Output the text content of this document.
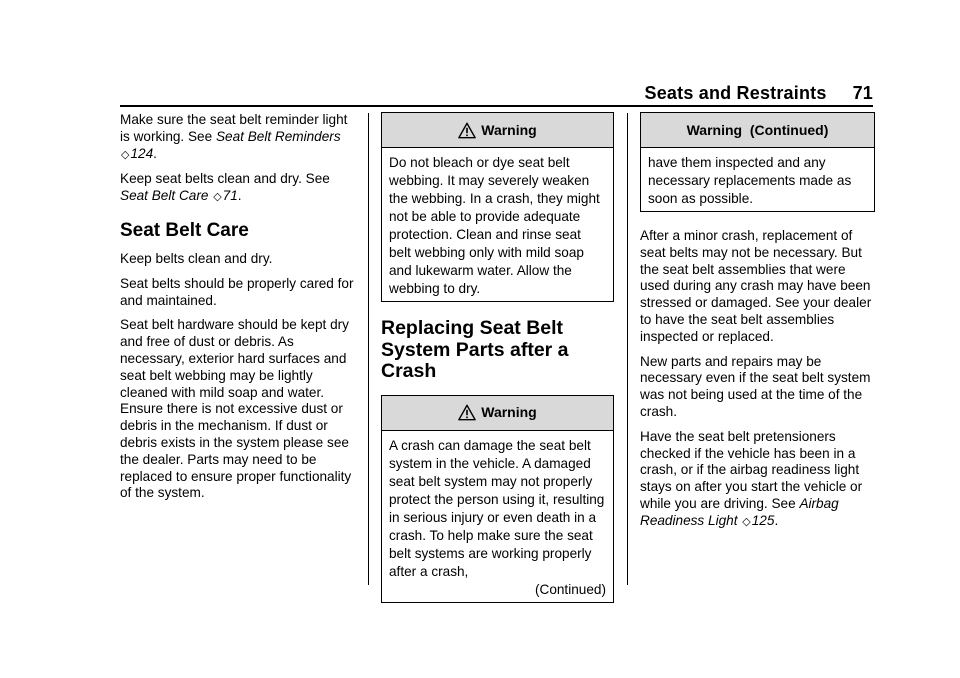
Seats and Restraints 71

Make sure the seat belt reminder light is working. See Seat Belt Reminders ◇124.

Keep seat belts clean and dry. See Seat Belt Care ◇71.

Seat Belt Care

Keep belts clean and dry.

Seat belts should be properly cared for and maintained.

Seat belt hardware should be kept dry and free of dust or debris. As necessary, exterior hard surfaces and seat belt webbing may be lightly cleaned with mild soap and water. Ensure there is not excessive dust or debris in the mechanism. If dust or debris exists in the system please see the dealer. Parts may need to be replaced to ensure proper functionality of the system.

Warning

Do not bleach or dye seat belt webbing. It may severely weaken the webbing. In a crash, they might not be able to provide adequate protection. Clean and rinse seat belt webbing only with mild soap and lukewarm water. Allow the webbing to dry.

Replacing Seat Belt System Parts after a Crash
Warning

A crash can damage the seat belt system in the vehicle. A damaged seat belt system may not properly protect the person using it, resulting in serious injury or even death in a crash. To help make sure the seat belt systems are working properly after a crash,

(Continued)

Warning  (Continued)

have them inspected and any necessary replacements made as soon as possible.

After a minor crash, replacement of seat belts may not be necessary. But the seat belt assemblies that were used during any crash may have been stressed or damaged. See your dealer to have the seat belt assemblies inspected or replaced.

New parts and repairs may be necessary even if the seat belt system was not being used at the time of the crash.

Have the seat belt pretensioners checked if the vehicle has been in a crash, or if the airbag readiness light stays on after you start the vehicle or while you are driving. See Airbag Readiness Light ◇125.
